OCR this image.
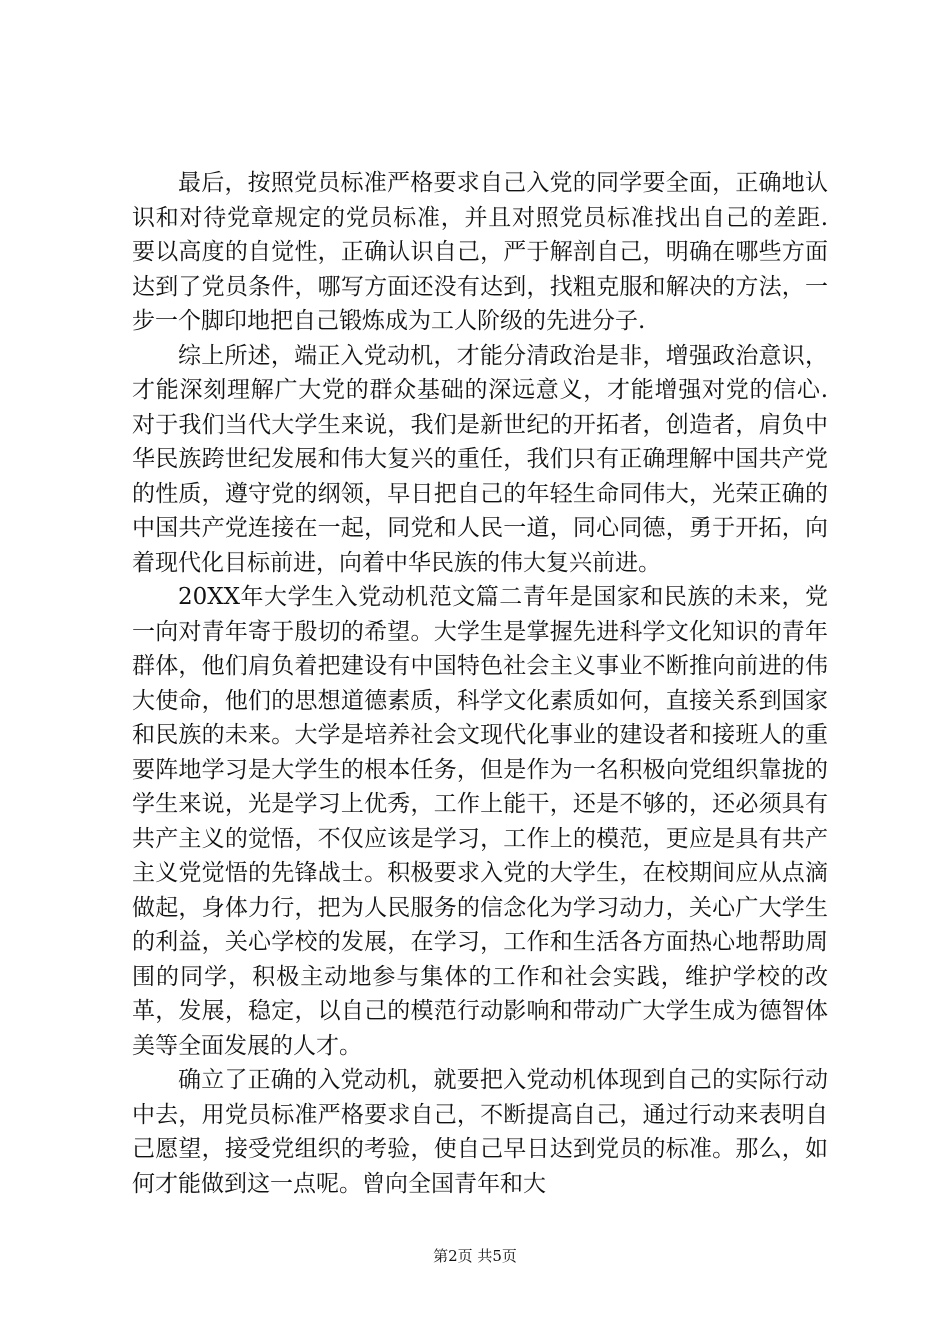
最后，按照党员标准严格要求自己入党的同学要全面，正确地认识和对待党章规定的党员标准，并且对照党员标准找出自己的差距.要以高度的自觉性，正确认识自己，严于解剖自己，明确在哪些方面达到了党员条件，哪写方面还没有达到，找粗克服和解决的方法，一步一个脚印地把自己锻炼成为工人阶级的先进分子.

综上所述，端正入党动机，才能分清政治是非，增强政治意识，才能深刻理解广大党的群众基础的深远意义，才能增强对党的信心.对于我们当代大学生来说，我们是新世纪的开拓者，创造者，肩负中华民族跨世纪发展和伟大复兴的重任，我们只有正确理解中国共产党的性质，遵守党的纲领，早日把自己的年轻生命同伟大，光荣正确的中国共产党连接在一起，同党和人民一道，同心同德，勇于开拓，向着现代化目标前进，向着中华民族的伟大复兴前进。

20XX年大学生入党动机范文篇二青年是国家和民族的未来，党一向对青年寄于殷切的希望。大学生是掌握先进科学文化知识的青年群体，他们肩负着把建设有中国特色社会主义事业不断推向前进的伟大使命，他们的思想道德素质，科学文化素质如何，直接关系到国家和民族的未来。大学是培养社会文现代化事业的建设者和接班人的重要阵地学习是大学生的根本任务，但是作为一名积极向党组织靠拢的学生来说，光是学习上优秀，工作上能干，还是不够的，还必须具有共产主义的觉悟，不仅应该是学习，工作上的模范，更应是具有共产主义党觉悟的先锋战士。积极要求入党的大学生，在校期间应从点滴做起，身体力行，把为人民服务的信念化为学习动力，关心广大学生的利益，关心学校的发展，在学习，工作和生活各方面热心地帮助周围的同学，积极主动地参与集体的工作和社会实践，维护学校的改革，发展，稳定，以自己的模范行动影响和带动广大学生成为德智体美等全面发展的人才。

确立了正确的入党动机，就要把入党动机体现到自己的实际行动中去，用党员标准严格要求自己，不断提高自己，通过行动来表明自己愿望，接受党组织的考验，使自己早日达到党员的标准。那么，如何才能做到这一点呢。曾向全国青年和大

第2页 共5页
